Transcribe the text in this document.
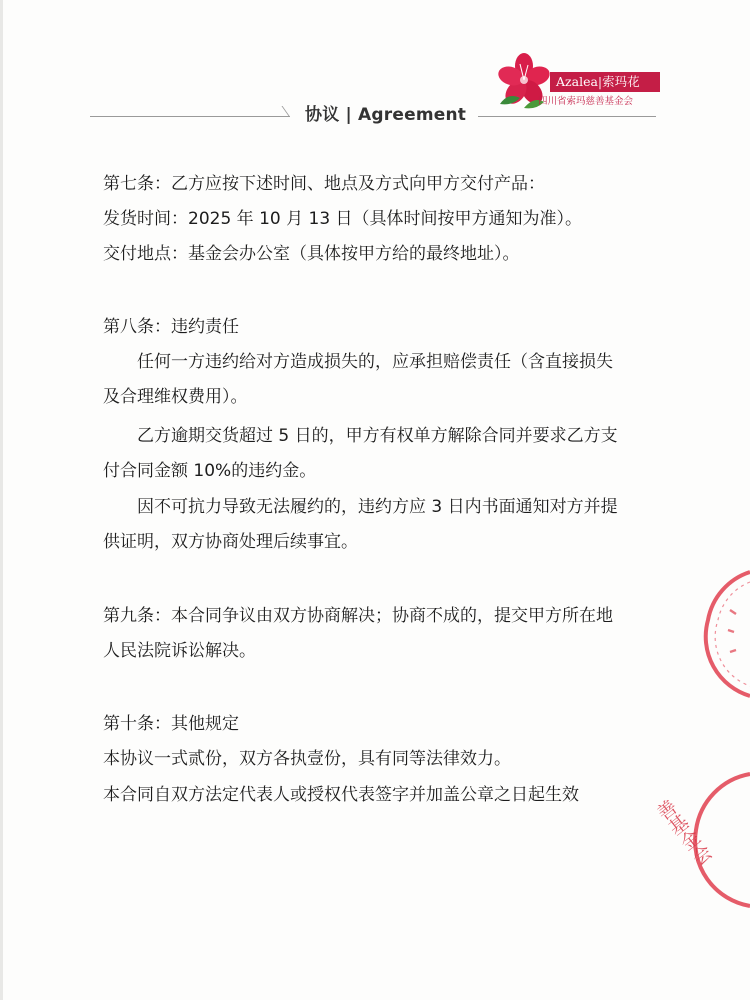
Azalea|索玛花
四川省索玛慈善基金会
协议 | Agreement
第七条：乙方应按下述时间、地点及方式向甲方交付产品：
发货时间：2025 年 10 月 13 日（具体时间按甲方通知为准）。
交付地点：基金会办公室（具体按甲方给的最终地址）。
第八条：违约责任
任何一方违约给对方造成损失的，应承担赔偿责任（含直接损失
及合理维权费用）。
乙方逾期交货超过 5 日的，甲方有权单方解除合同并要求乙方支
付合同金额 10%的违约金。
因不可抗力导致无法履约的，违约方应 3 日内书面通知对方并提
供证明，双方协商处理后续事宜。
第九条：本合同争议由双方协商解决；协商不成的，提交甲方所在地
人民法院诉讼解决。
第十条：其他规定
本协议一式贰份，双方各执壹份，具有同等法律效力。
本合同自双方法定代表人或授权代表签字并加盖公章之日起生效
善基金会
